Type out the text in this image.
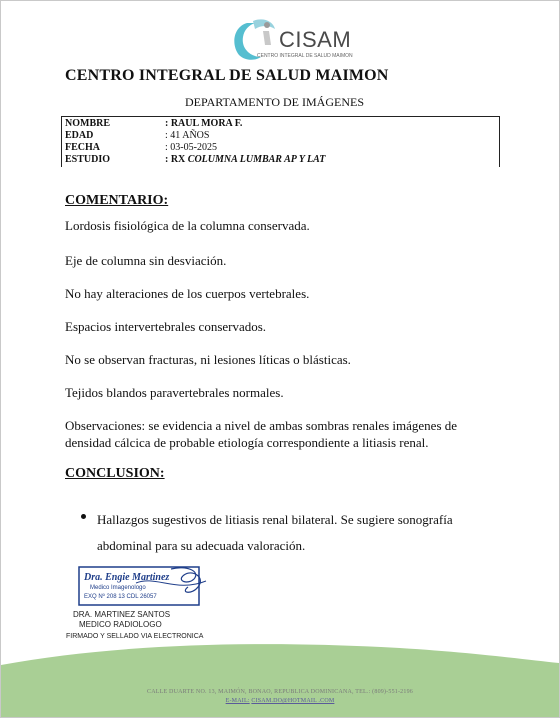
CISAM
CENTRO INTEGRAL DE SALUD MAIMON
CENTRO INTEGRAL DE SALUD MAIMON
DEPARTAMENTO DE IMÁGENES
NOMBRE	: RAUL MORA F.
EDAD	: 41 AÑOS
FECHA	: 03-05-2025
ESTUDIO	: RX COLUMNA LUMBAR AP Y LAT
COMENTARIO:
Lordosis fisiológica de la columna conservada.
Eje de columna sin desviación.
No hay alteraciones de los cuerpos vertebrales.
Espacios intervertebrales conservados.
No se observan fracturas, ni lesiones líticas o blásticas.
Tejidos blandos paravertebrales normales.
Observaciones: se evidencia a nivel de ambas sombras renales imágenes de densidad cálcica de probable etiología correspondiente a litiasis renal.
CONCLUSION:
Hallazgos sugestivos de litiasis renal bilateral. Se sugiere sonografía abdominal para su adecuada valoración.
Dra. Engie Martinez
Medico Imagenologo
EXQ Nº 208 13 CDL 26057
DRA. MARTINEZ SANTOS
MEDICO RADIOLOGO
FIRMADO Y SELLADO VIA ELECTRONICA
CALLE DUARTE NO. 13, MAIMÓN, BONAO, REPUBLICA DOMINICANA, TEL.: (809)-551-2196
E-MAIL: CISAM.DO@HOTMAIL .COM
